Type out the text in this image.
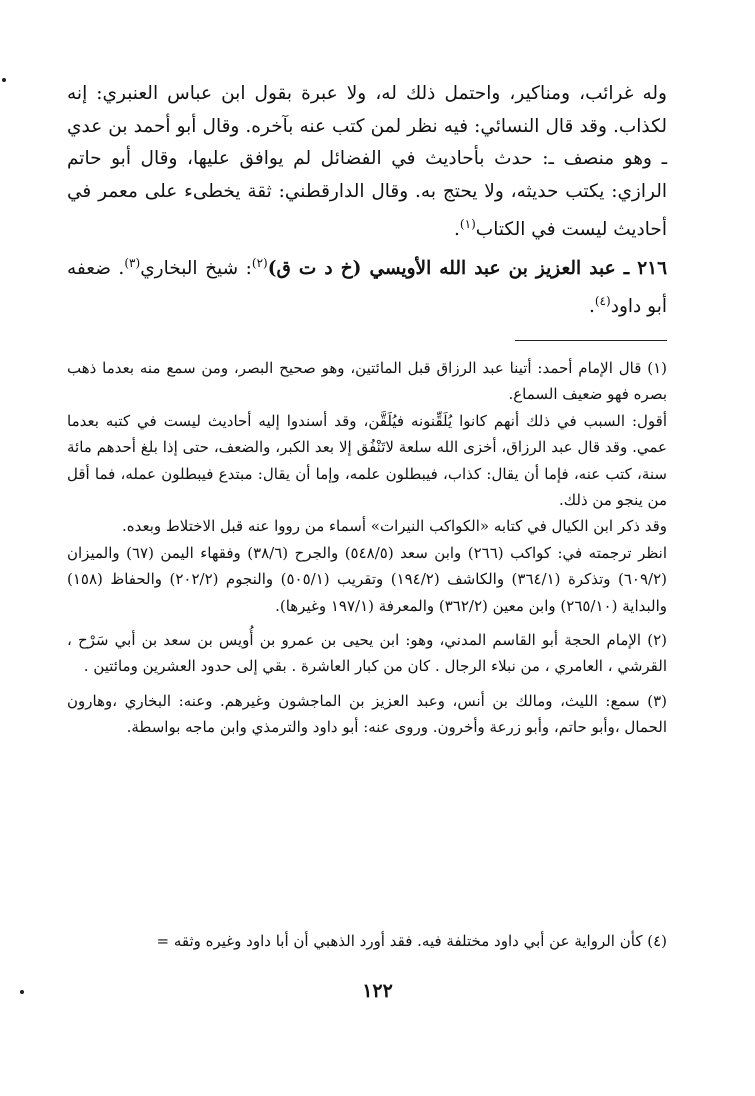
وله غرائب، ومناكير، واحتمل ذلك له، ولا عبرة بقول ابن عباس العنبري: إنه لكذاب. وقد قال النسائي: فيه نظر لمن كتب عنه بآخره. وقال أبو أحمد بن عدي ـ وهو منصف ـ: حدث بأحاديث في الفضائل لم يوافق عليها، وقال أبو حاتم الرازي: يكتب حديثه، ولا يحتج به. وقال الدارقطني: ثقة يخطىء على معمر في أحاديث ليست في الكتاب$^{(١)}$.

٢١٦ ـ عبد العزيز بن عبد الله الأويسي (خ د ت ق)$^{(٢)}$: شيخ البخاري$^{(٣)}$. ضعفه أبو داود$^{(٤)}$.

(١) قال الإمام أحمد: أتينا عبد الرزاق قبل المائتين، وهو صحيح البصر، ومن سمع منه بعدما ذهب بصره فهو ضعيف السماع.

أقول: السبب في ذلك أنهم كانوا يُلَقِّنونه فيُلَقَّن، وقد أسندوا إليه أحاديث ليست في كتبه بعدما عمي. وقد قال عبد الرزاق، أخزى الله سلعة لاتَنْفُق إلا بعد الكبر، والضعف، حتى إذا بلغ أحدهم مائة سنة، كتب عنه، فإما أن يقال: كذاب، فيبطلون علمه، وإما أن يقال: مبتدع فيبطلون عمله، فما أقل من ينجو من ذلك.

وقد ذكر ابن الكيال في كتابه «الكواكب النيرات» أسماء من رووا عنه قبل الاختلاط وبعده.

انظر ترجمته في: كواكب (٢٦٦) وابن سعد (٥٤٨/٥) والجرح (٣٨/٦) وفقهاء اليمن (٦٧) والميزان (٦٠٩/٢) وتذكرة (٣٦٤/١) والكاشف (١٩٤/٢) وتقريب (٥٠٥/١) والنجوم (٢٠٢/٢) والحفاظ (١٥٨) والبداية (٢٦٥/١٠) وابن معين (٣٦٢/٢) والمعرفة (١٩٧/١ وغيرها).

(٢) الإمام الحجة أبو القاسم المدني، وهو: ابن يحيى بن عمرو بن أُويس بن سعد بن أبي سَرْح ، القرشي ، العامري ، من نبلاء الرجال . كان من كبار العاشرة . بقي إلى حدود العشرين ومائتين .

(٣) سمع: الليث، ومالك بن أنس، وعبد العزيز بن الماجشون وغيرهم. وعنه: البخاري ،وهارون الحمال ،وأبو حاتم، وأبو زرعة وأخرون. وروى عنه: أبو داود والترمذي وابن ماجه بواسطة.

(٤) كأن الرواية عن أبي داود مختلفة فيه. فقد أورد الذهبي أن أبا داود وغيره وثقه =

١٢٢
